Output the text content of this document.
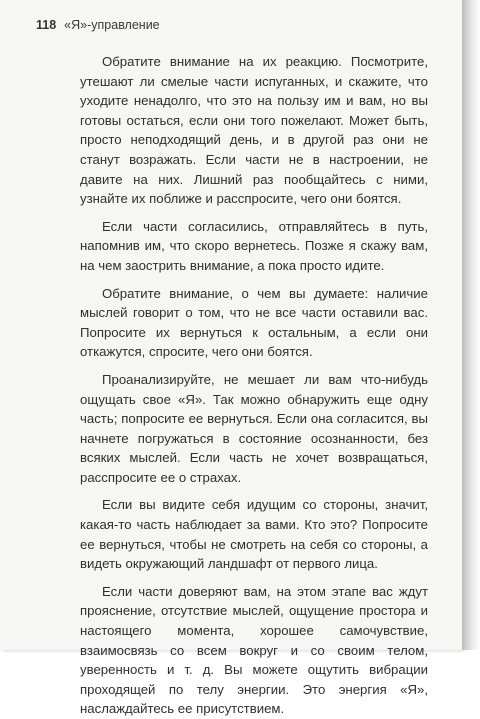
118 «Я»-управление

Обратите внимание на их реакцию. Посмотрите, утешают ли смелые части испуганных, и скажите, что уходите ненадолго, что это на пользу им и вам, но вы готовы остаться, если они того пожелают. Может быть, просто неподходящий день, и в другой раз они не станут возражать. Если части не в настроении, не давите на них. Лишний раз пообщайтесь с ними, узнайте их поближе и расспросите, чего они боятся.

Если части согласились, отправляйтесь в путь, напомнив им, что скоро вернетесь. Позже я скажу вам, на чем заострить внимание, а пока просто идите.

Обратите внимание, о чем вы думаете: наличие мыслей говорит о том, что не все части оставили вас. Попросите их вернуться к остальным, а если они откажутся, спросите, чего они боятся.

Проанализируйте, не мешает ли вам что-нибудь ощущать свое «Я». Так можно обнаружить еще одну часть; попросите ее вернуться. Если она согласится, вы начнете погружаться в состояние осознанности, без всяких мыслей. Если часть не хочет возвращаться, расспросите ее о страхах.

Если вы видите себя идущим со стороны, значит, какая-то часть наблюдает за вами. Кто это? Попросите ее вернуться, чтобы не смотреть на себя со стороны, а видеть окружающий ландшафт от первого лица.

Если части доверяют вам, на этом этапе вас ждут прояснение, отсутствие мыслей, ощущение простора и настоящего момента, хорошее самочувствие, взаимосвязь со всем вокруг и со своим телом, уверенность и т. д. Вы можете ощутить вибрации проходящей по телу энергии. Это энергия «Я», наслаждайтесь ее присутствием.
